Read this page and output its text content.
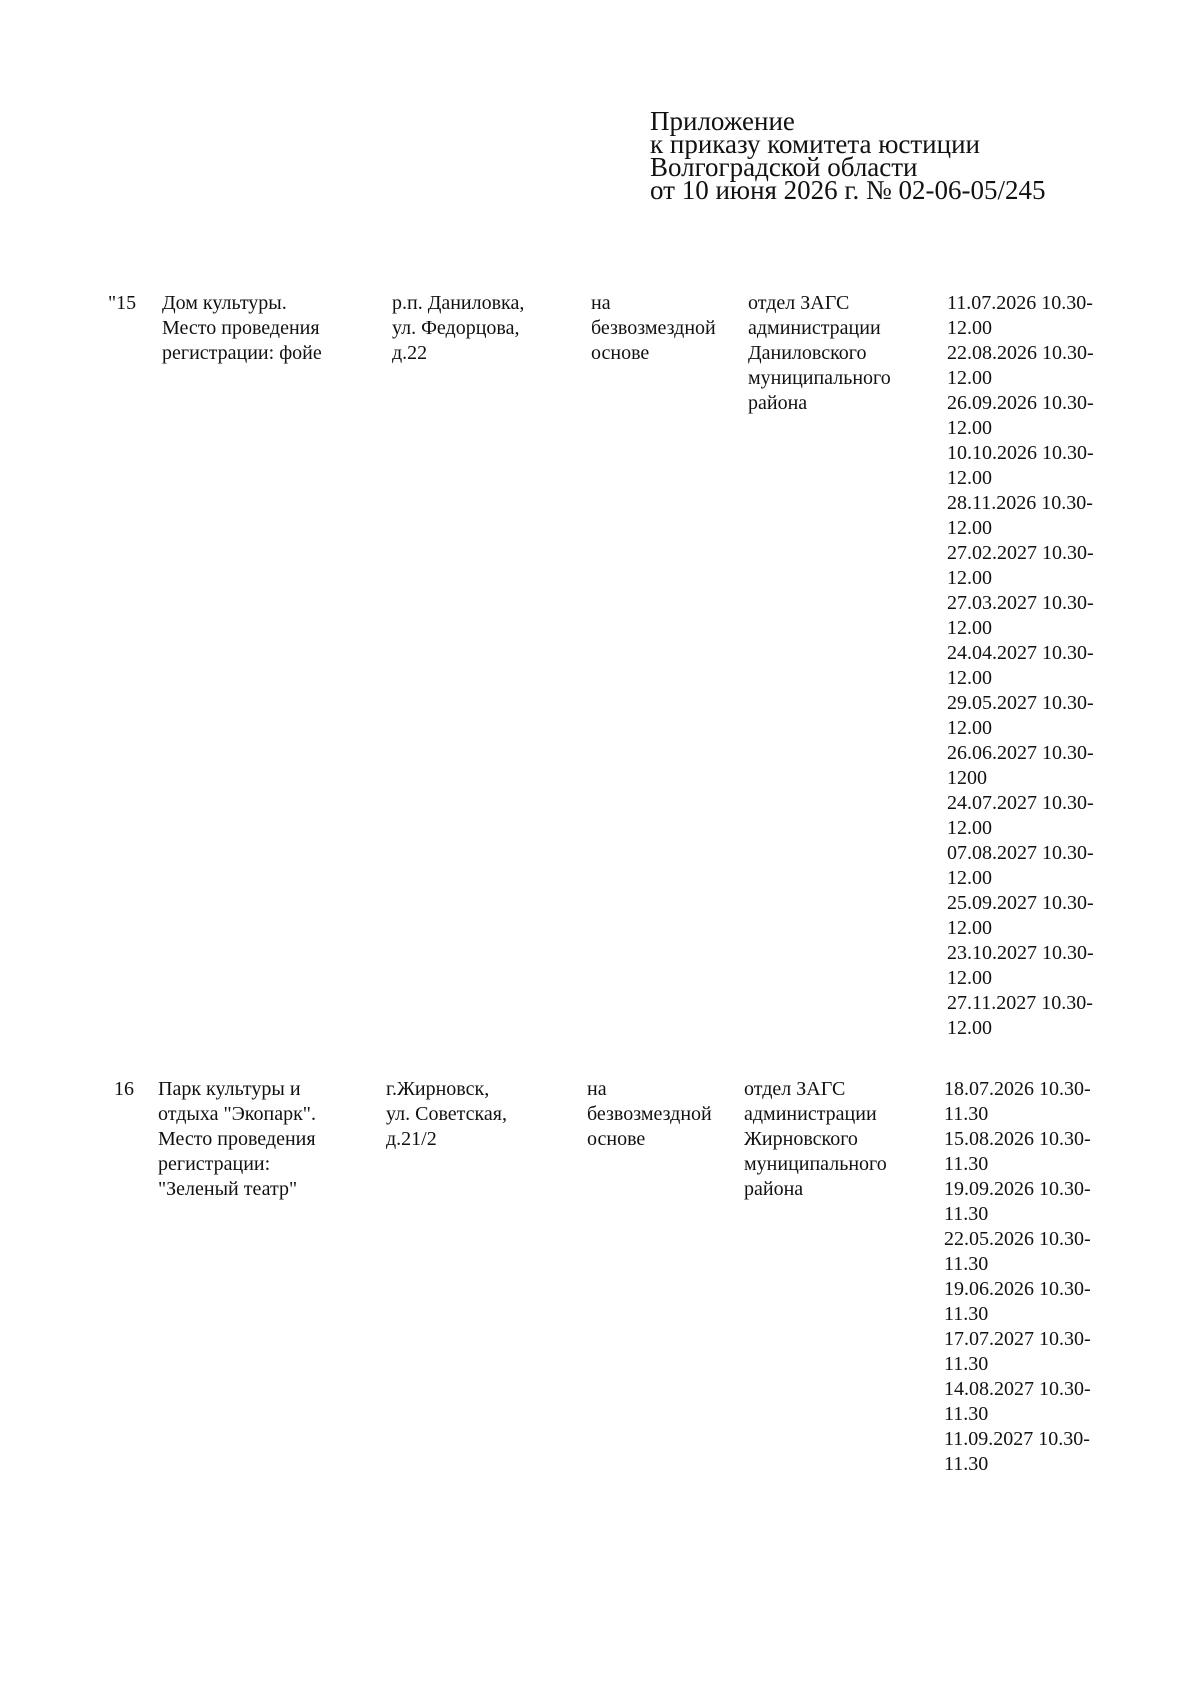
Приложение
к приказу комитета юстиции
Волгоградской области
от 10 июня 2026 г. № 02-06-05/245
"15	Дом культуры.
Место проведения
регистрации: фойе
р.п. Даниловка,
ул. Федорцова,
д.22
на
безвозмездной
основе
отдел ЗАГС
администрации
Даниловского
муниципального
района
11.07.2026 10.30-
12.00
22.08.2026 10.30-
12.00
26.09.2026 10.30-
12.00
10.10.2026 10.30-
12.00
28.11.2026 10.30-
12.00
27.02.2027 10.30-
12.00
27.03.2027 10.30-
12.00
24.04.2027 10.30-
12.00
29.05.2027 10.30-
12.00
26.06.2027 10.30-
1200
24.07.2027 10.30-
12.00
07.08.2027 10.30-
12.00
25.09.2027 10.30-
12.00
23.10.2027 10.30-
12.00
27.11.2027 10.30-
12.00
16	Парк культуры и
отдыха "Экопарк".
Место проведения
регистрации:
"Зеленый театр"
г.Жирновск,
ул. Советская,
д.21/2
на
безвозмездной
основе
отдел ЗАГС
администрации
Жирновского
муниципального
района
18.07.2026 10.30-
11.30
15.08.2026 10.30-
11.30
19.09.2026 10.30-
11.30
22.05.2026 10.30-
11.30
19.06.2026 10.30-
11.30
17.07.2027 10.30-
11.30
14.08.2027 10.30-
11.30
11.09.2027 10.30-
11.30
